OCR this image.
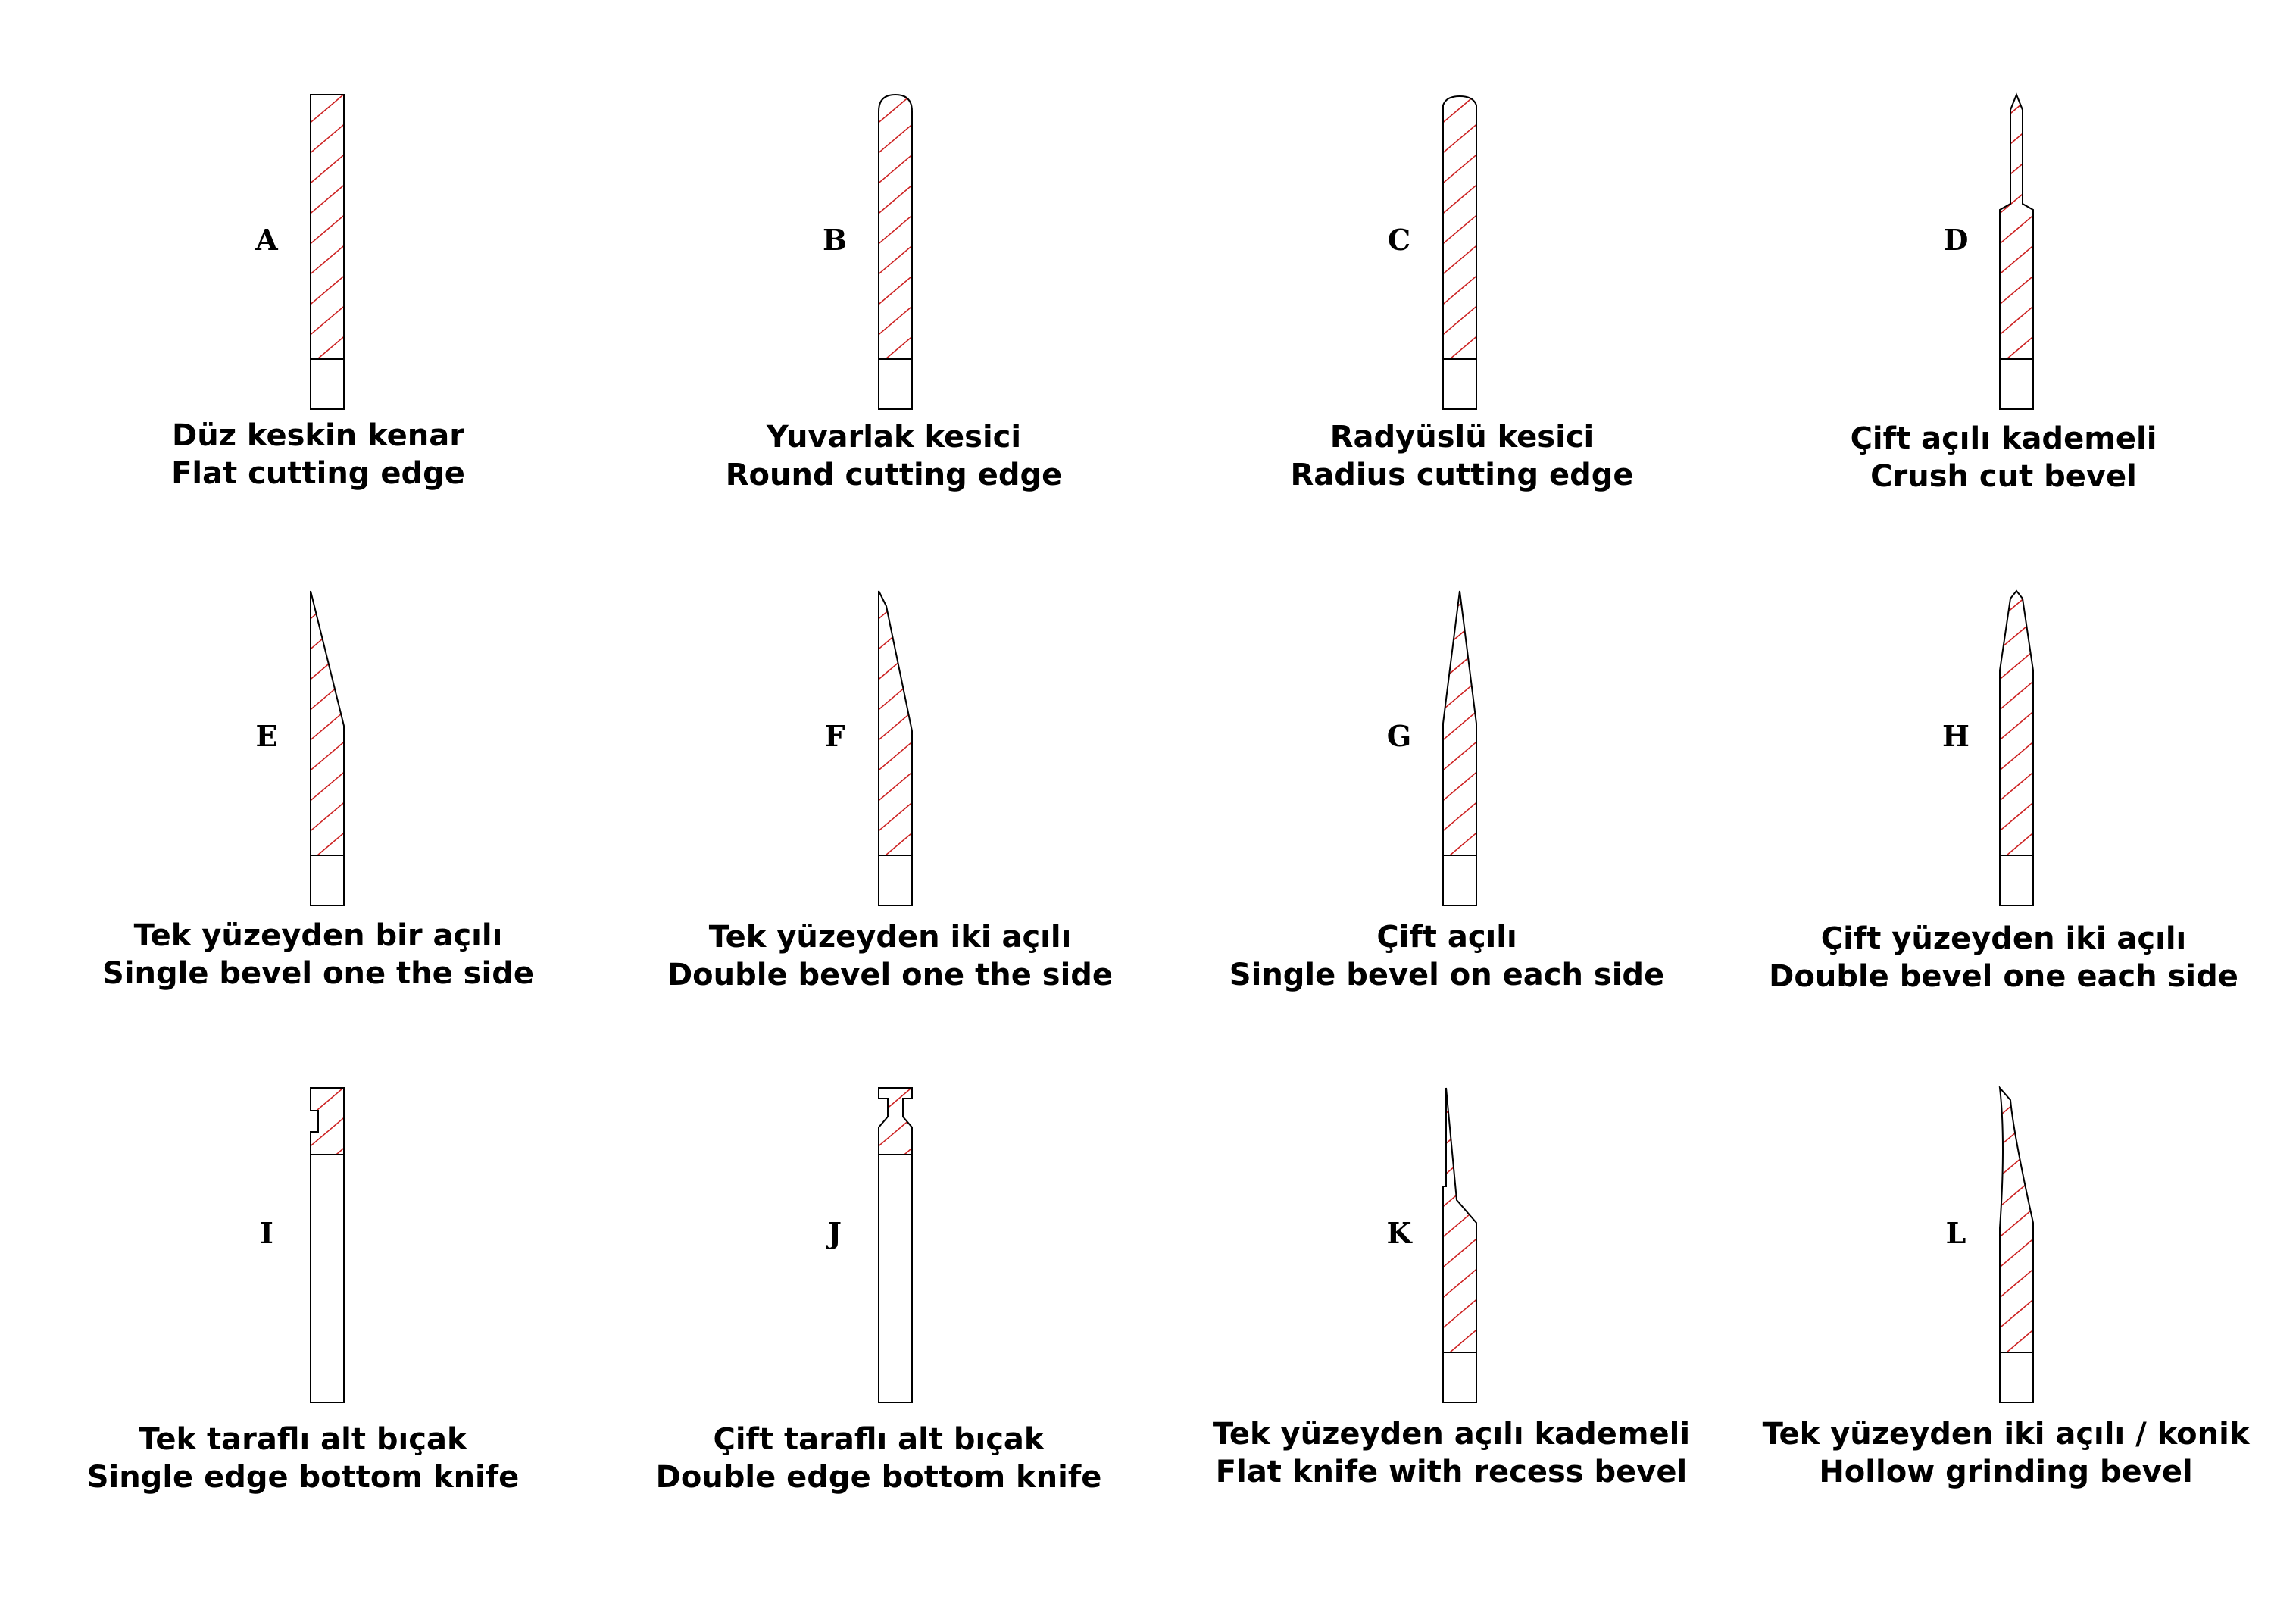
A	B	C	D
E	F	G	H
I	J	K	L
Düz keskin kenar
Flat cutting edge
Yuvarlak kesici
Round cutting edge
Radyüslü kesici
Radius cutting edge
Çift açılı kademeli
Crush cut bevel
Tek yüzeyden bir açılı
Single bevel one the side
Tek yüzeyden iki açılı
Double bevel one the side
Çift açılı
Single bevel on each side
Çift yüzeyden iki açılı
Double bevel one each side
Tek taraflı alt bıçak
Single edge bottom knife
Çift taraflı alt bıçak
Double edge bottom knife
Tek yüzeyden açılı kademeli
Flat knife with recess bevel
Tek yüzeyden iki açılı / konik
Hollow grinding bevel
